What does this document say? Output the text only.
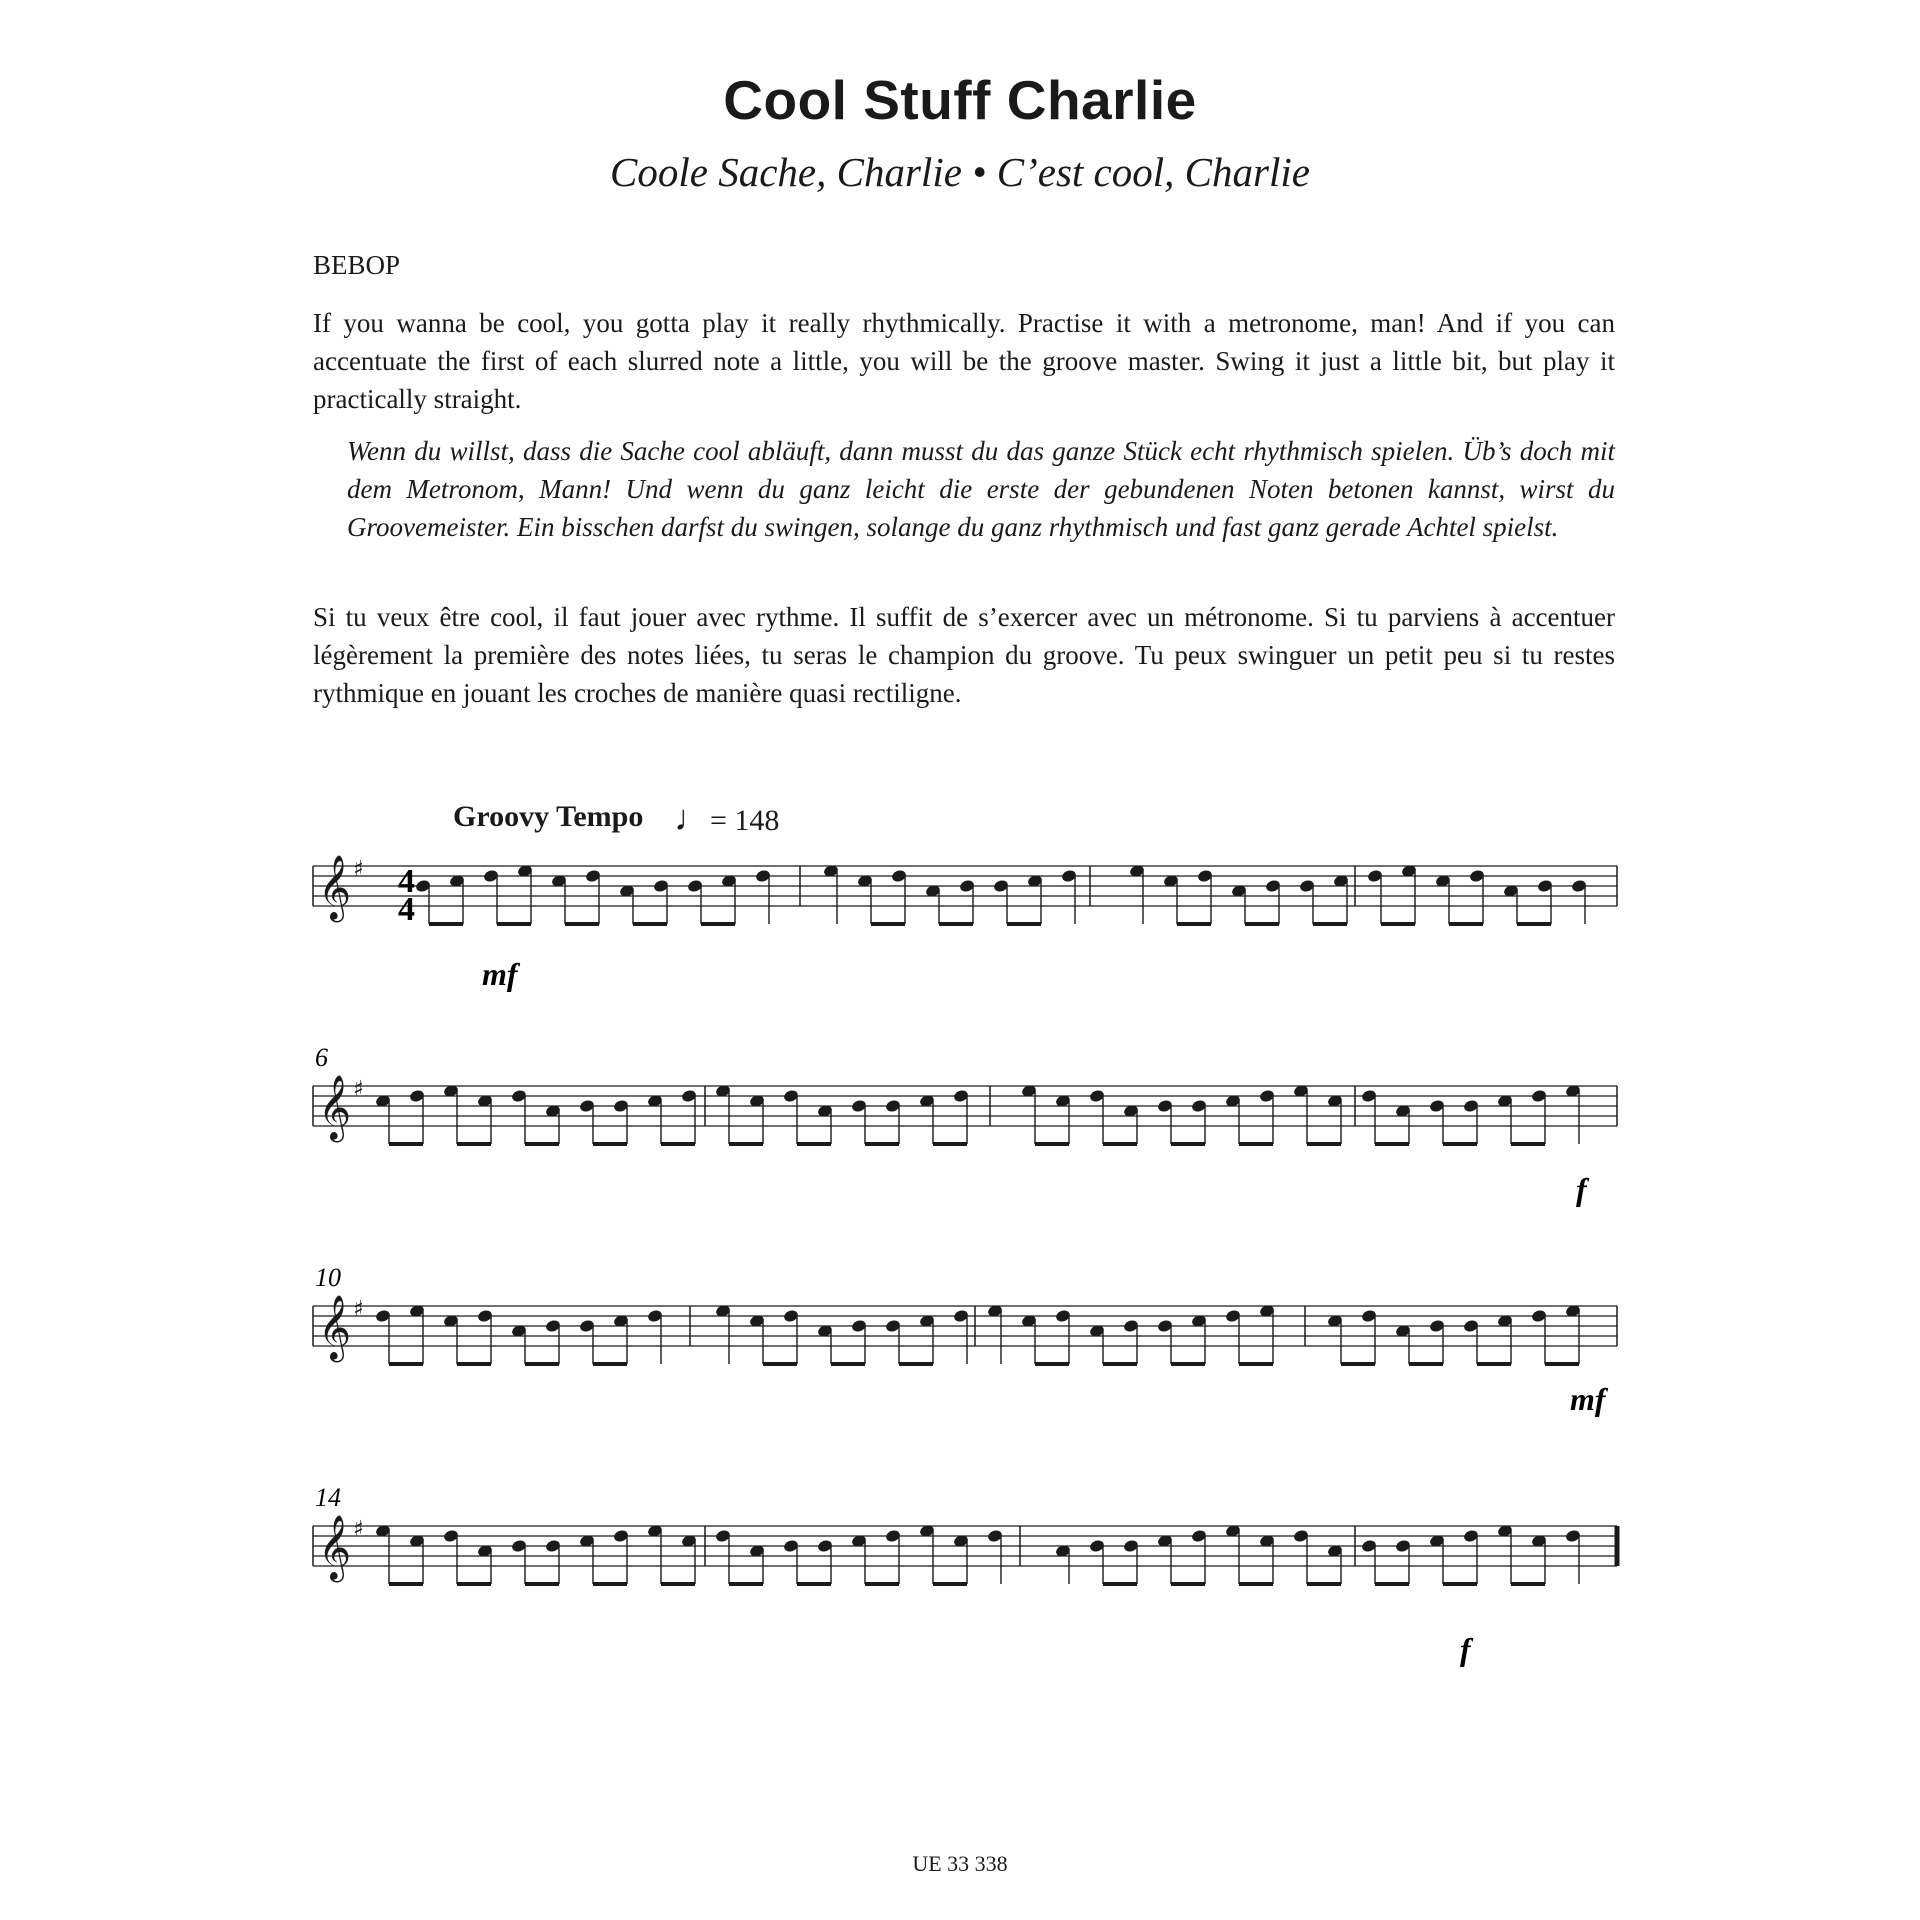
Cool Stuff Charlie
Coole Sache, Charlie • C’est cool, Charlie
BEBOP
If you wanna be cool, you gotta play it really rhythmically. Practise it with a metronome, man! And if you can accentuate the first of each slurred note a little, you will be the groove master. Swing it just a little bit, but play it practically straight.
Wenn du willst, dass die Sache cool abläuft, dann musst du das ganze Stück echt rhythmisch spielen. Üb’s doch mit dem Metronom, Mann! Und wenn du ganz leicht die erste der gebundenen Noten betonen kannst, wirst du Groovemeister. Ein bisschen darfst du swingen, solange du ganz rhythmisch und fast ganz gerade Achtel spielst.
Si tu veux être cool, il faut jouer avec rythme. Il suffit de s’exercer avec un métronome. Si tu parviens à accentuer légèrement la première des notes liées, tu seras le champion du groove. Tu peux swinguer un petit peu si tu restes rythmique en jouant les croches de manière quasi rectiligne.
Groovy Tempo ♩= 148
𝄞 ♯
𝄞 ♯
𝄞 ♯
𝄞 ♯
4
4
6
10
14
mf
f
mf
f
UE 33 338
